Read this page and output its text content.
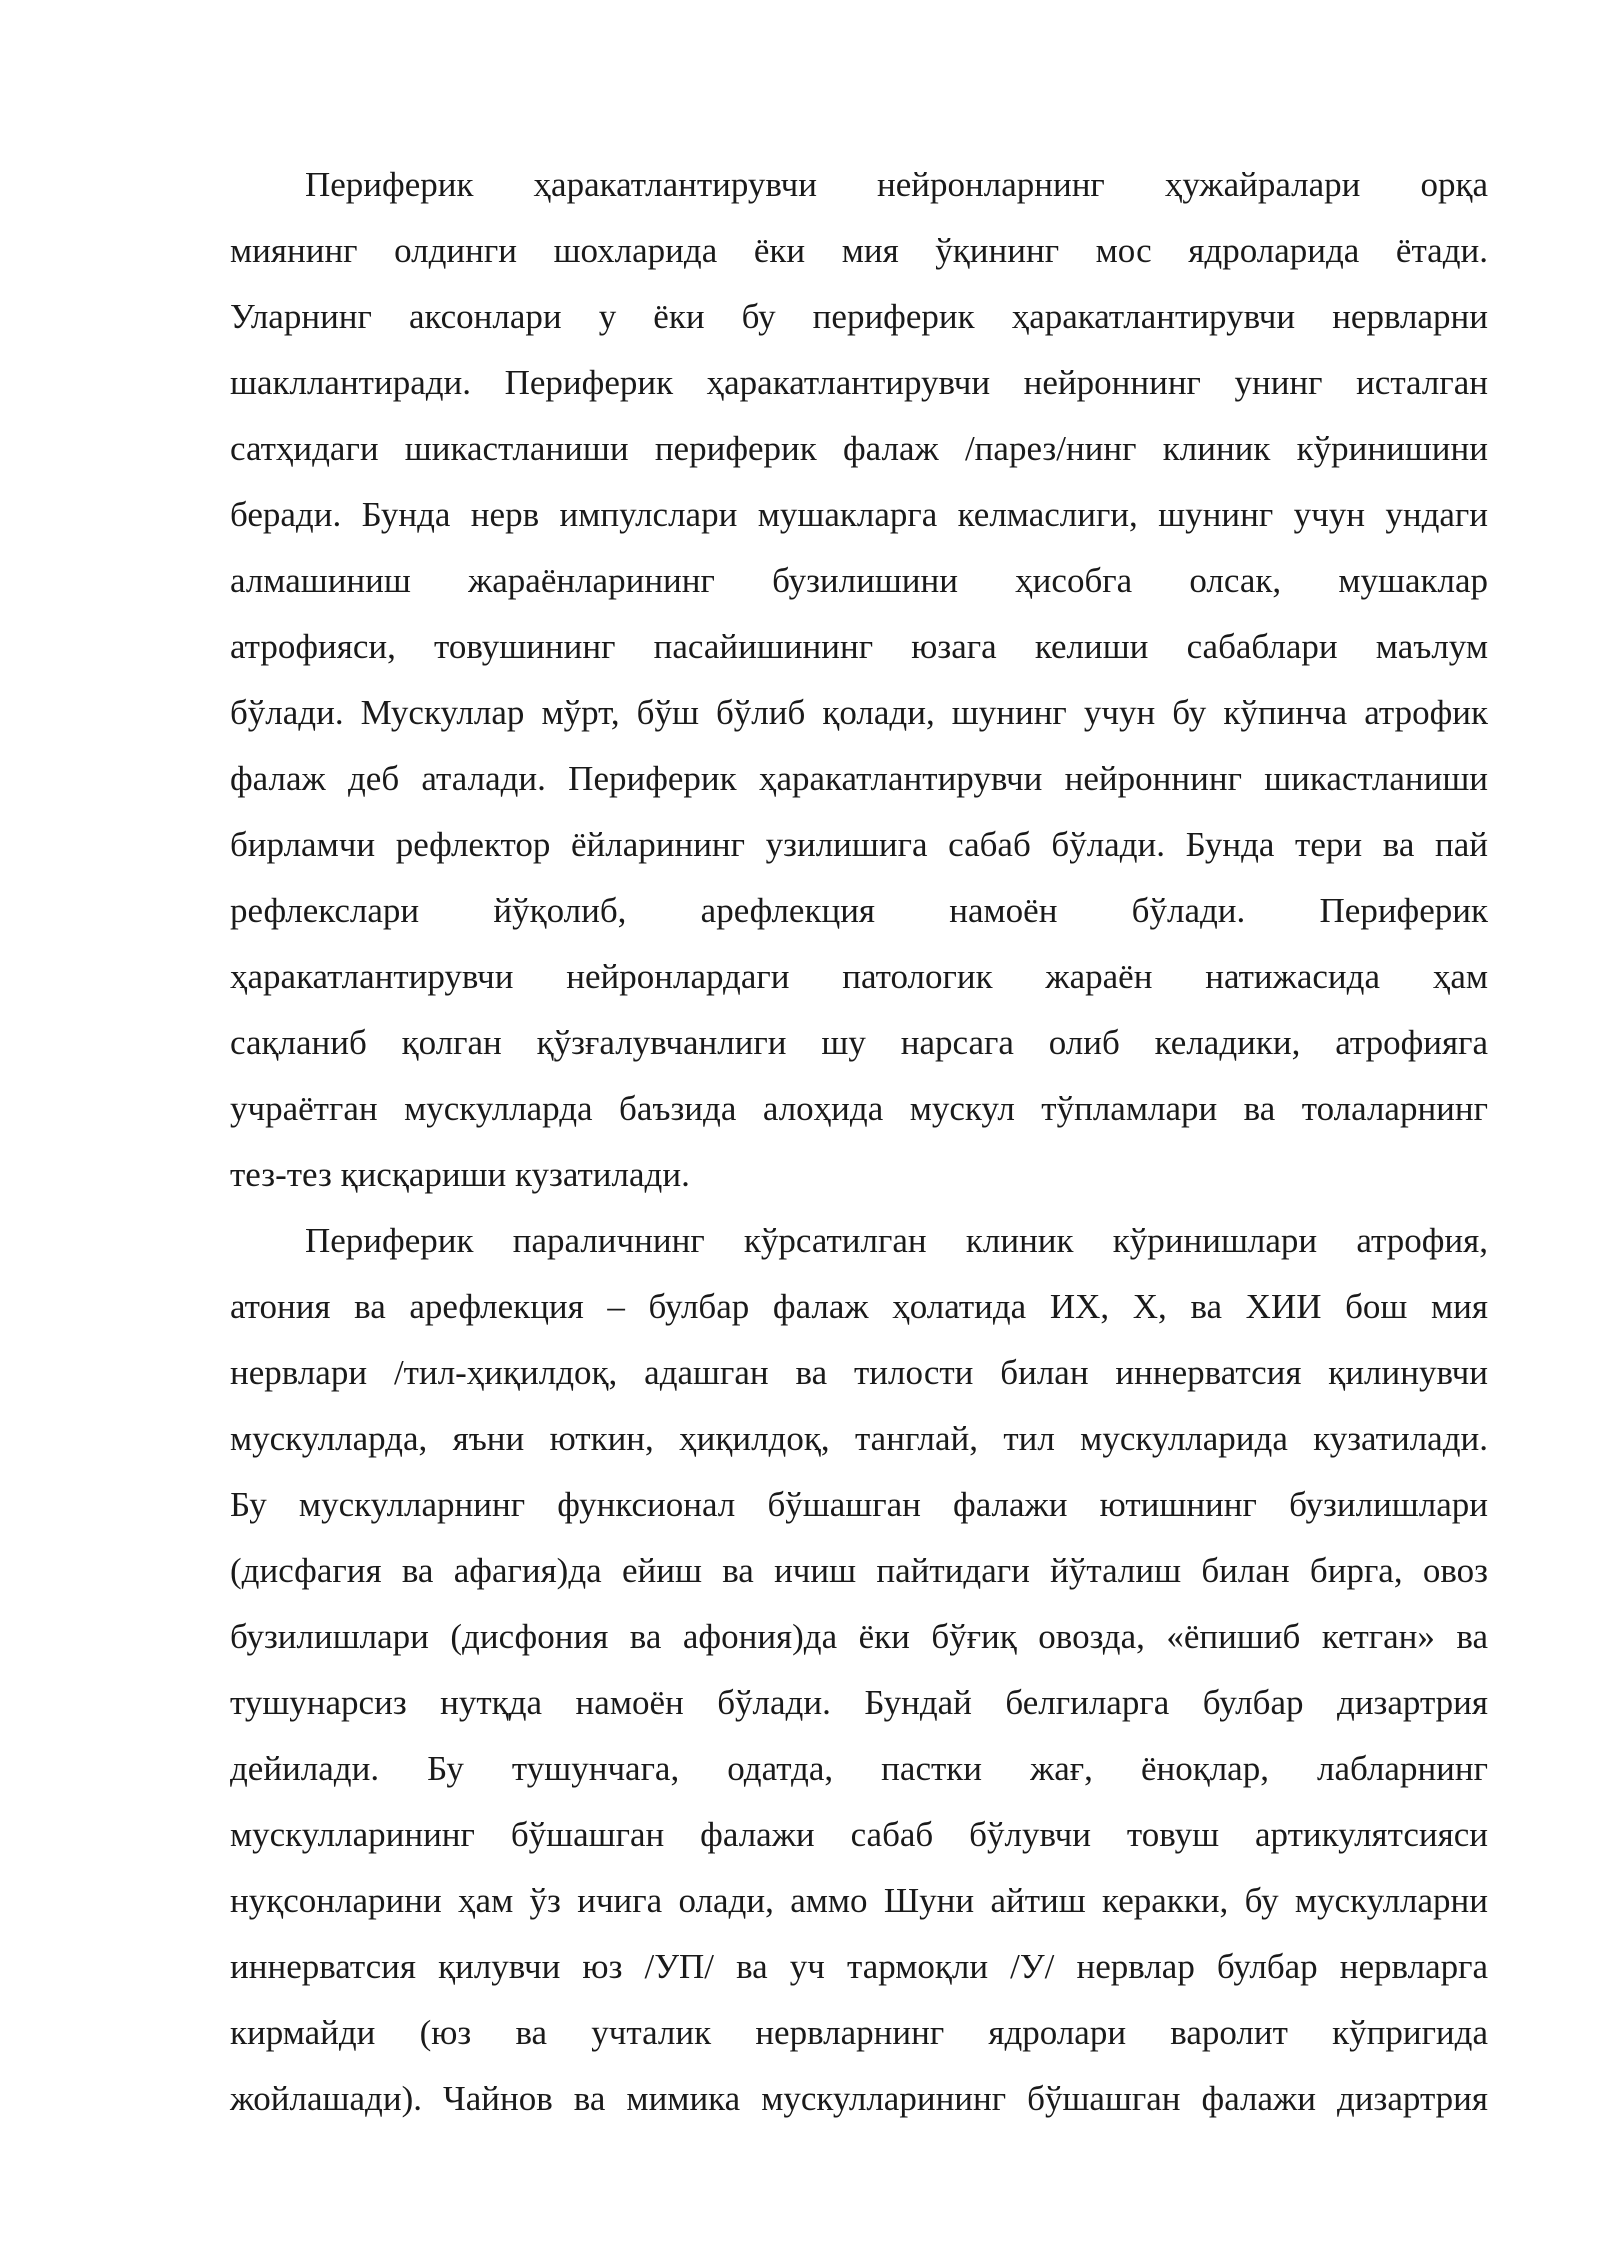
Периферик ҳаракатлантирувчи нейронларнинг ҳужайралари орқа
миянинг олдинги шохларида ёки мия ўқининг мос ядроларида ётади.
Уларнинг аксонлари у ёки бу периферик ҳаракатлантирувчи нервларни
шакллантиради. Периферик ҳаракатлантирувчи нейроннинг унинг исталган
сатҳидаги шикастланиши периферик фалаж /парез/нинг клиник кўринишини
беради. Бунда нерв импулслари мушакларга келмаслиги, шунинг учун ундаги
алмашиниш жараёнларининг бузилишини ҳисобга олсак, мушаклар
атрофияси, товушининг пасайишининг юзага келиши сабаблари маълум
бўлади. Мускуллар мўрт, бўш бўлиб қолади, шунинг учун бу кўпинча атрофик
фалаж деб аталади. Периферик ҳаракатлантирувчи нейроннинг шикастланиши
бирламчи рефлектор ёйларининг узилишига сабаб бўлади. Бунда тери ва пай
рефлекслари йўқолиб, арефлекция намоён бўлади. Периферик
ҳаракатлантирувчи нейронлардаги патологик жараён натижасида ҳам
сақланиб қолган қўзғалувчанлиги шу нарсага олиб келадики, атрофияга
учраётган мускулларда баъзида алоҳида мускул тўпламлари ва толаларнинг
тез-тез қисқариши кузатилади.
Периферик параличнинг кўрсатилган клиник кўринишлари атрофия,
атония ва арефлекция – булбар фалаж ҳолатида ИХ, Х, ва ХИИ бош мия
нервлари /тил-ҳиқилдоқ, адашган ва тилости билан иннерватсия қилинувчи
мускулларда, яъни юткин, ҳиқилдоқ, танглай, тил мускулларида кузатилади.
Бу мускулларнинг функсионал бўшашган фалажи ютишнинг бузилишлари
(дисфагия ва афагия)да ейиш ва ичиш пайтидаги йўталиш билан бирга, овоз
бузилишлари (дисфония ва афония)да ёки бўғиқ овозда, «ёпишиб кетган» ва
тушунарсиз нутқда намоён бўлади. Бундай белгиларга булбар дизартрия
дейилади. Бу тушунчага, одатда, пастки жағ, ёноқлар, лабларнинг
мускулларининг бўшашган фалажи сабаб бўлувчи товуш артикулятсияси
нуқсонларини ҳам ўз ичига олади, аммо Шуни айтиш керакки, бу мускулларни
иннерватсия қилувчи юз /УП/ ва уч тармоқли /У/ нервлар булбар нервларга
кирмайди (юз ва учталик нервларнинг ядролари варолит кўпригида
жойлашади). Чайнов ва мимика мускулларининг бўшашган фалажи дизартрия
